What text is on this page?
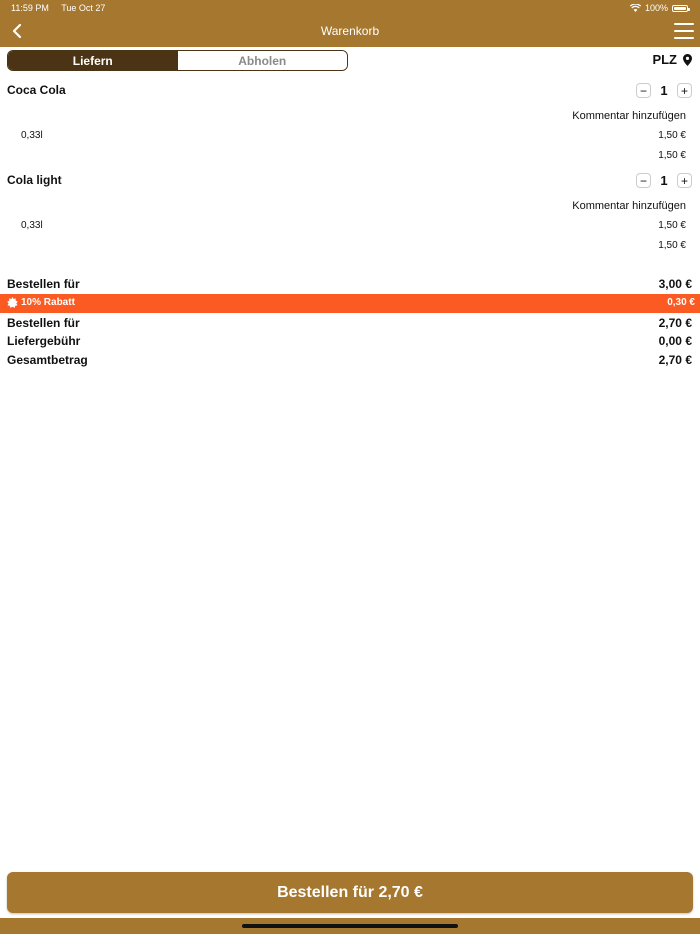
11:59 PM Tue Oct 27	100%
Warenkorb
Liefern	Abholen	PLZ
Coca Cola	− 1 +
Kommentar hinzufügen
0,33l	1,50 €
1,50 €
Cola light	− 1 +
Kommentar hinzufügen
0,33l	1,50 €
1,50 €
Bestellen für	3,00 €
10% Rabatt	0,30 €
Bestellen für	2,70 €
Liefergebühr	0,00 €
Gesamtbetrag	2,70 €
Bestellen für 2,70 €
